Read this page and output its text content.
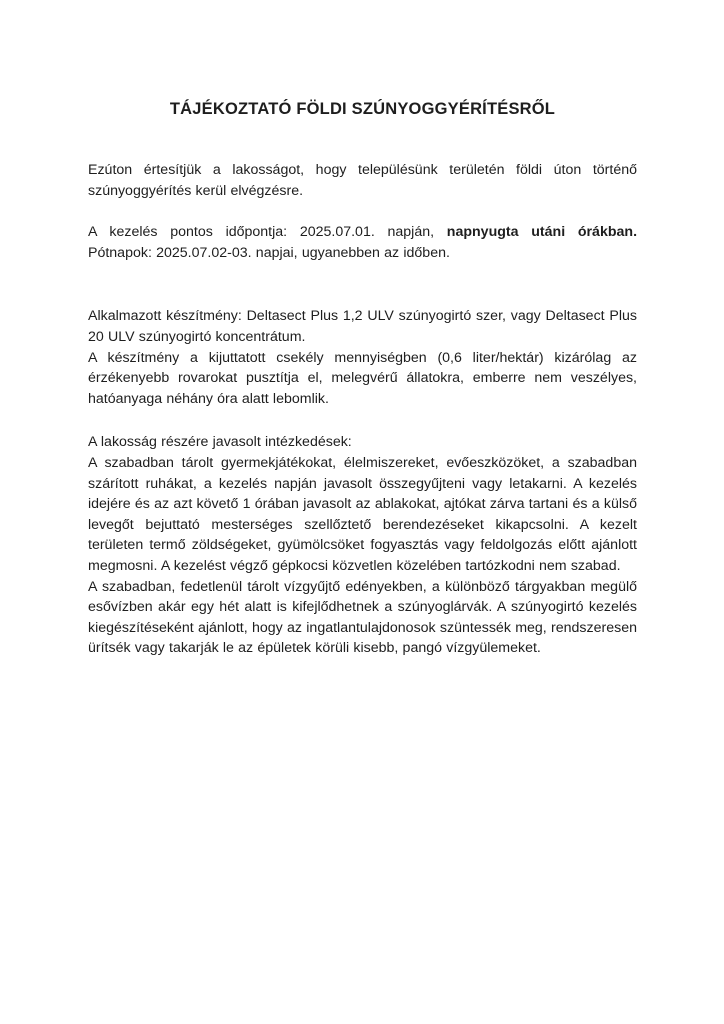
TÁJÉKOZTATÓ FÖLDI SZÚNYOGGYÉRÍTÉSRŐL

Ezúton értesítjük a lakosságot, hogy településünk területén földi úton történő szúnyoggyérítés kerül elvégzésre.

A kezelés pontos időpontja: 2025.07.01. napján, napnyugta utáni órákban. Pótnapok: 2025.07.02-03. napjai, ugyanebben az időben.

Alkalmazott készítmény: Deltasect Plus 1,2 ULV szúnyogirtó szer, vagy Deltasect Plus 20 ULV szúnyogirtó koncentrátum.

A készítmény a kijuttatott csekély mennyiségben (0,6 liter/hektár) kizárólag az érzékenyebb rovarokat pusztítja el, melegvérű állatokra, emberre nem veszélyes, hatóanyaga néhány óra alatt lebomlik.

A lakosság részére javasolt intézkedések:

A szabadban tárolt gyermekjátékokat, élelmiszereket, evőeszközöket, a szabadban szárított ruhákat, a kezelés napján javasolt összegyűjteni vagy letakarni. A kezelés idejére és az azt követő 1 órában javasolt az ablakokat, ajtókat zárva tartani és a külső levegőt bejuttató mesterséges szellőztető berendezéseket kikapcsolni. A kezelt területen termő zöldségeket, gyümölcsöket fogyasztás vagy feldolgozás előtt ajánlott megmosni. A kezelést végző gépkocsi közvetlen közelében tartózkodni nem szabad.

A szabadban, fedetlenül tárolt vízgyűjtő edényekben, a különböző tárgyakban megülő esővízben akár egy hét alatt is kifejlődhetnek a szúnyoglárvák. A szúnyogirtó kezelés kiegészítéseként ajánlott, hogy az ingatlantulajdonosok szüntessék meg, rendszeresen ürítsék vagy takarják le az épületek körüli kisebb, pangó vízgyülemeket.
